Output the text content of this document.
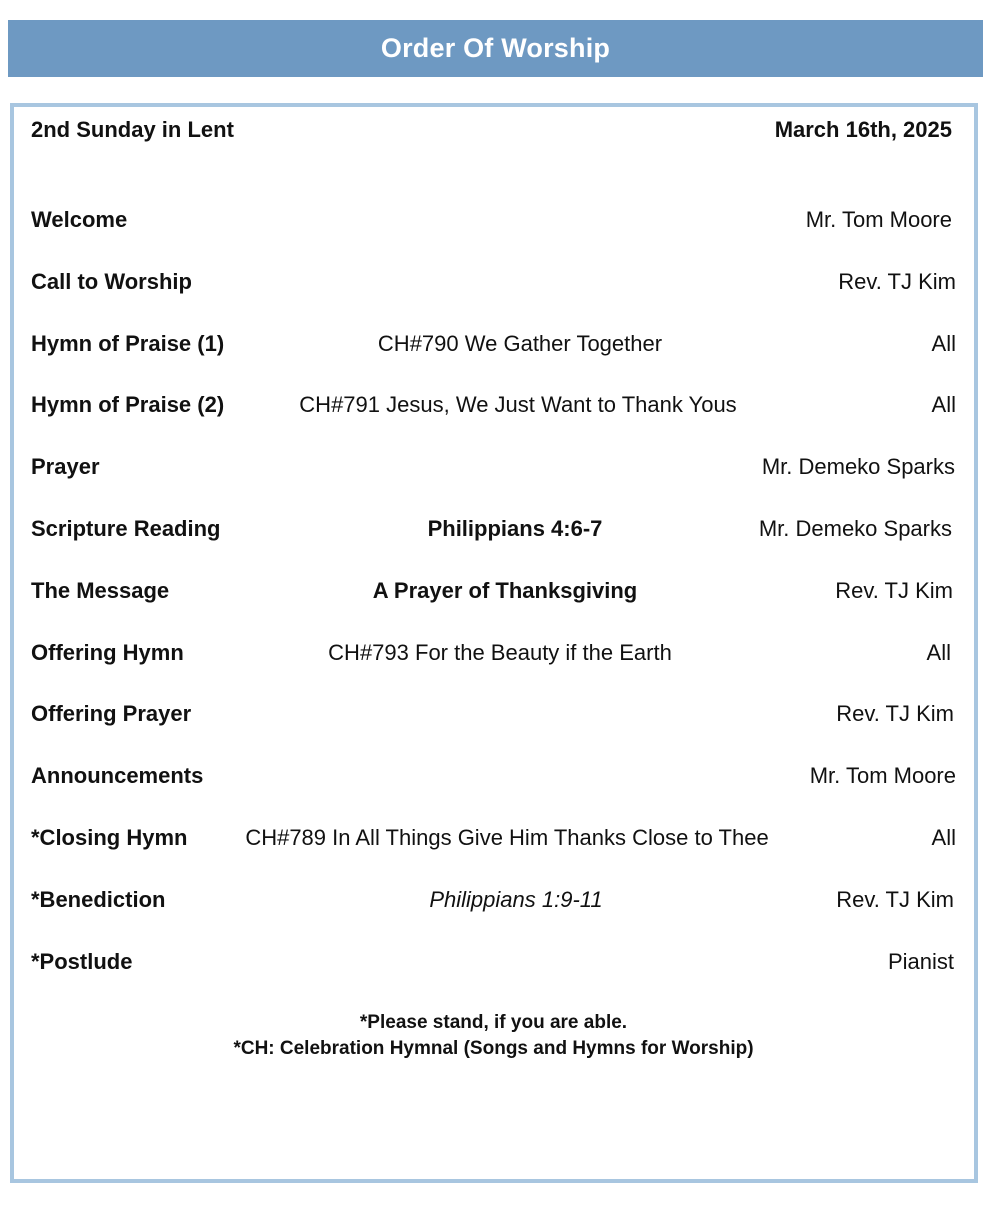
Order Of Worship
2nd Sunday in Lent	March 16th, 2025
Welcome	Mr. Tom Moore
Call to Worship	Rev. TJ Kim
Hymn of Praise (1)	CH#790 We Gather Together	All
Hymn of Praise (2)	CH#791 Jesus, We Just Want to Thank Yous	All
Prayer	Mr. Demeko Sparks
Scripture Reading	Philippians 4:6-7	Mr. Demeko Sparks
The Message	A Prayer of Thanksgiving	Rev. TJ Kim
Offering Hymn	CH#793 For the Beauty if the Earth	All
Offering Prayer	Rev. TJ Kim
Announcements	Mr. Tom Moore
*Closing Hymn	CH#789 In All Things Give Him Thanks Close to Thee	All
*Benediction	Philippians 1:9-11	Rev. TJ Kim
*Postlude	Pianist
*Please stand, if you are able.
*CH: Celebration Hymnal (Songs and Hymns for Worship)
